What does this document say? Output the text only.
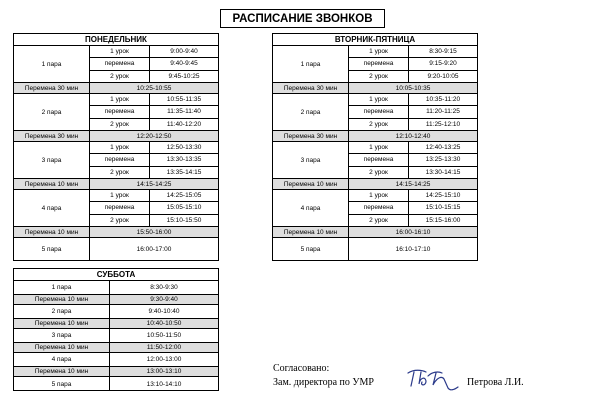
РАСПИСАНИЕ ЗВОНКОВ
ПОНЕДЕЛЬНИК
1 пара
1 урок	9:00-9:40
перемена	9:40-9:45
2 урок	9:45-10:25
Перемена 30 мин	10:25-10:55
2 пара
1 урок	10:55-11:35
перемена	11:35-11:40
2 урок	11:40-12:20
Перемена 30 мин	12:20-12:50
3 пара
1 урок	12:50-13:30
перемена	13:30-13:35
2 урок	13:35-14:15
Перемена 10 мин	14:15-14:25
4 пара
1 урок	14:25-15:05
перемена	15:05-15:10
2 урок	15:10-15:50
Перемена 10 мин	15:50-16:00
5 пара	16:00-17:00
ВТОРНИК-ПЯТНИЦА
1 пара
1 урок	8:30-9:15
перемена	9:15-9:20
2 урок	9:20-10:05
Перемена 30 мин	10:05-10:35
2 пара
1 урок	10:35-11:20
перемена	11:20-11:25
2 урок	11:25-12:10
Перемена 30 мин	12:10-12:40
3 пара
1 урок	12:40-13:25
перемена	13:25-13:30
2 урок	13:30-14:15
Перемена 10 мин	14:15-14:25
4 пара
1 урок	14:25-15:10
перемена	15:10-15:15
2 урок	15:15-16:00
Перемена 10 мин	16:00-16:10
5 пара	16:10-17:10
СУББОТА
1 пара	8:30-9:30
Перемена 10 мин	9:30-9:40
2 пара	9:40-10:40
Перемена 10 мин	10:40-10:50
3 пара	10:50-11:50
Перемена 10 мин	11:50-12:00
4 пара	12:00-13:00
Перемена 10 мин	13:00-13:10
5 пара	13:10-14:10
Согласовано:
Зам. директора по УМР	Петрова Л.И.
